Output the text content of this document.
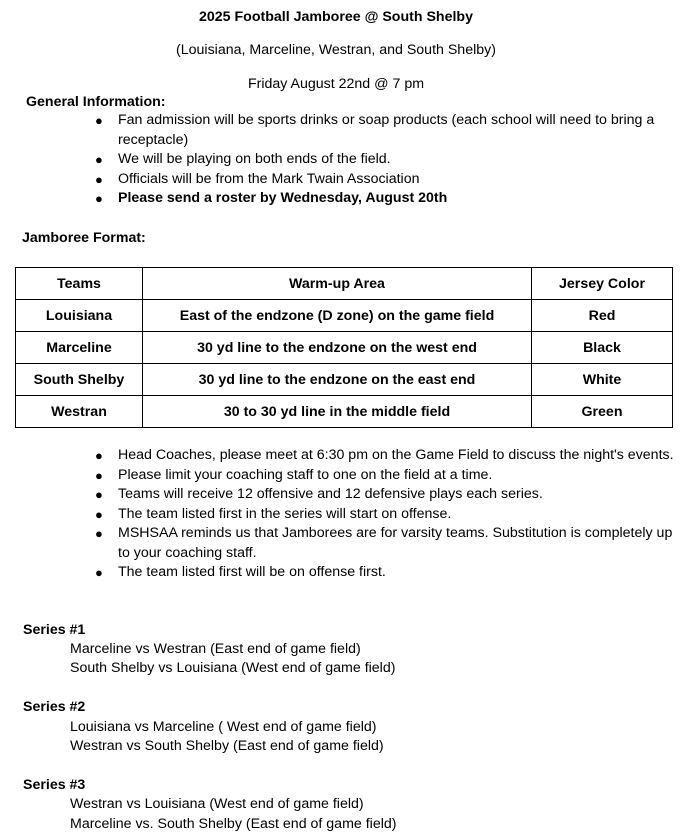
2025 Football Jamboree @ South Shelby
(Louisiana, Marceline, Westran, and South Shelby)
Friday August 22nd @ 7 pm
General Information:
● Fan admission will be sports drinks or soap products (each school will need to bring a receptacle)
● We will be playing on both ends of the field.
● Officials will be from the Mark Twain Association
● Please send a roster by Wednesday, August 20th
Jamboree Format:
Teams	Warm-up Area	Jersey Color
Louisiana	East of the endzone (D zone) on the game field	Red
Marceline	30 yd line to the endzone on the west end	Black
South Shelby	30 yd line to the endzone on the east end	White
Westran	30 to 30 yd line in the middle field	Green
● Head Coaches, please meet at 6:30 pm on the Game Field to discuss the night's events.
● Please limit your coaching staff to one on the field at a time.
● Teams will receive 12 offensive and 12 defensive plays each series.
● The team listed first in the series will start on offense.
● MSHSAA reminds us that Jamborees are for varsity teams. Substitution is completely up to your coaching staff.
● The team listed first will be on offense first.
Series #1
Marceline vs Westran (East end of game field)
South Shelby vs Louisiana (West end of game field)
Series #2
Louisiana vs Marceline ( West end of game field)
Westran vs South Shelby (East end of game field)
Series #3
Westran vs Louisiana (West end of game field)
Marceline vs. South Shelby (East end of game field)
